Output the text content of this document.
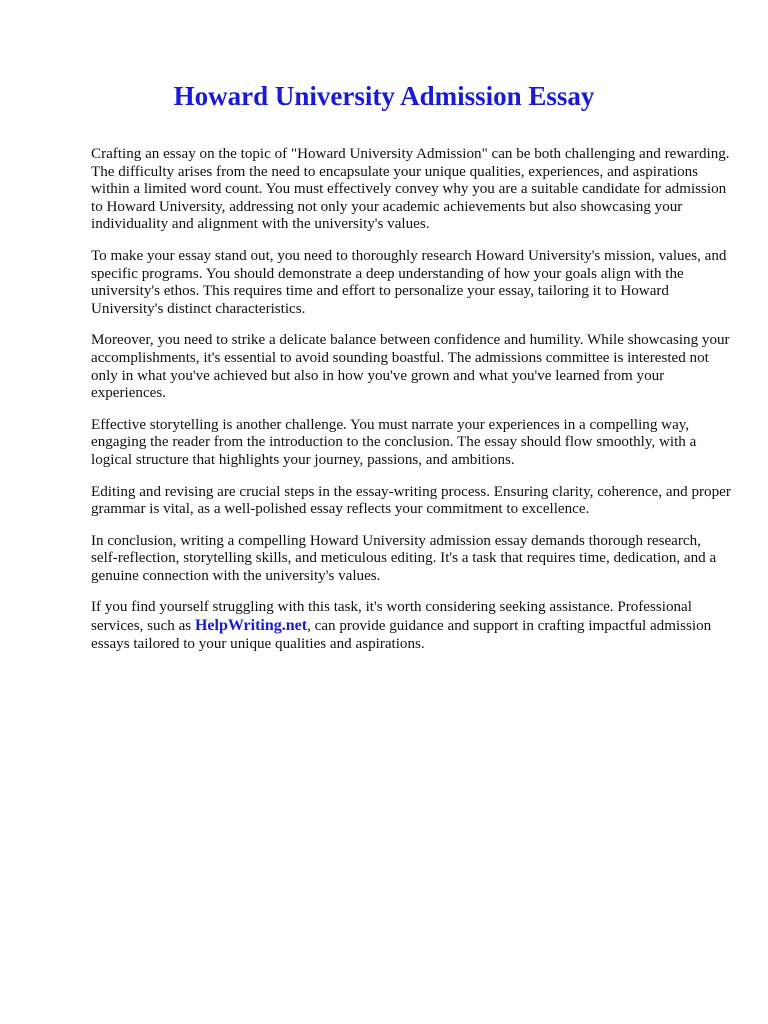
Howard University Admission Essay

Crafting an essay on the topic of "Howard University Admission" can be both challenging and rewarding. The difficulty arises from the need to encapsulate your unique qualities, experiences, and aspirations within a limited word count. You must effectively convey why you are a suitable candidate for admission to Howard University, addressing not only your academic achievements but also showcasing your individuality and alignment with the university's values.

To make your essay stand out, you need to thoroughly research Howard University's mission, values, and specific programs. You should demonstrate a deep understanding of how your goals align with the university's ethos. This requires time and effort to personalize your essay, tailoring it to Howard University's distinct characteristics.

Moreover, you need to strike a delicate balance between confidence and humility. While showcasing your accomplishments, it's essential to avoid sounding boastful. The admissions committee is interested not only in what you've achieved but also in how you've grown and what you've learned from your experiences.

Effective storytelling is another challenge. You must narrate your experiences in a compelling way, engaging the reader from the introduction to the conclusion. The essay should flow smoothly, with a logical structure that highlights your journey, passions, and ambitions.

Editing and revising are crucial steps in the essay-writing process. Ensuring clarity, coherence, and proper grammar is vital, as a well-polished essay reflects your commitment to excellence.

In conclusion, writing a compelling Howard University admission essay demands thorough research, self-reflection, storytelling skills, and meticulous editing. It's a task that requires time, dedication, and a genuine connection with the university's values.

If you find yourself struggling with this task, it's worth considering seeking assistance. Professional services, such as HelpWriting.net, can provide guidance and support in crafting impactful admission essays tailored to your unique qualities and aspirations.
